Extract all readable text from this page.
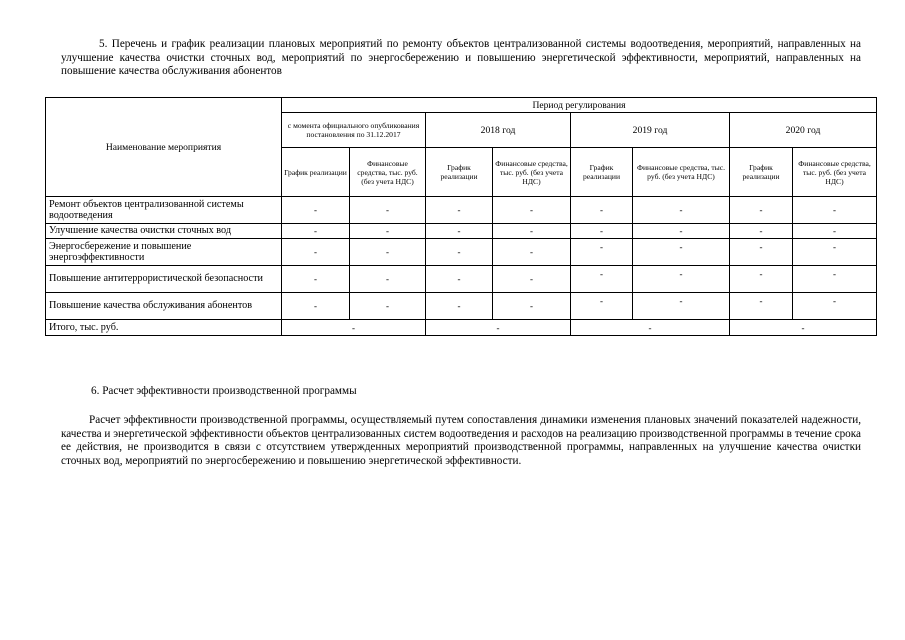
5. Перечень и график реализации плановых мероприятий по ремонту объектов централизованной системы водоотведения, мероприятий, направленных на улучшение качества очистки сточных вод, мероприятий по энергосбережению и повышению энергетической эффективности, мероприятий, направленных на повышение качества обслуживания абонентов
Наименование мероприятия	Период регулирования							
	с момента официального опубликования постановления по 31.12.2017		2018 год		2019 год		2020 год	
	График реализации	Финансовые средства, тыс. руб. (без учета НДС)	График реализации	Финансовые средства, тыс. руб. (без учета НДС)	График реализации	Финансовые средства, тыс. руб. (без учета НДС)	График реализации	Финансовые средства, тыс. руб. (без учета НДС)
Ремонт объектов централизованной системы водоотведения	-	-	-	-	-	-	-	-
Улучшение качества очистки сточных вод	-	-	-	-	-	-	-	-
Энергосбережение и повышение энергоэффективности	-	-	-	-	-	-	-	-
Повышение антитеррористической безопасности	-	-	-	-	-	-	-	-
Повышение качества обслуживания абонентов	-	-	-	-	-	-	-	-
Итого, тыс. руб.	-		-		-		-	
6. Расчет эффективности производственной программы
Расчет эффективности производственной программы, осуществляемый путем сопоставления динамики изменения плановых значений показателей надежности, качества и энергетической эффективности объектов централизованных систем водоотведения и расходов на реализацию производственной программы в течение срока ее действия, не производится в связи с отсутствием утвержденных мероприятий производственной программы, направленных на улучшение качества очистки сточных вод, мероприятий по энергосбережению и повышению энергетической эффективности.
